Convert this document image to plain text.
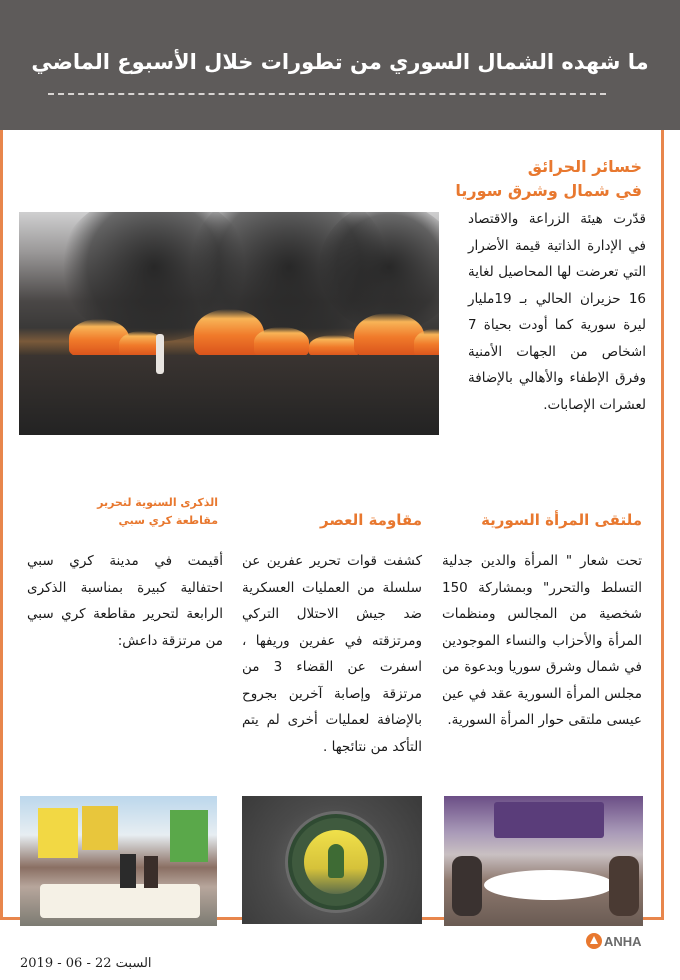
ما شهده الشمال السوري من تطورات خلال الأسبوع الماضي
خسائر الحرائق
في شمال وشرق سوريا
قدّرت هيئة الزراعة والاقتصاد في الإدارة الذاتية قيمة الأضرار التي تعرضت لها المحاصيل لغاية 16 حزيران الحالي بـ 19مليار ليرة سورية كما أودت بحياة 7 اشخاص من الجهات الأمنية وفرق الإطفاء والأهالي بالإضافة لعشرات الإصابات.
ملتقى المرأة السورية
مقاومة العصر
الذكرى السنوية لتحرير
مقاطعة كري سبي
تحت شعار " المرأة والدين جدلية التسلط والتحرر" وبمشاركة 150 شخصية من المجالس ومنظمات المرأة والأحزاب والنساء الموجودين في شمال وشرق سوريا وبدعوة من مجلس المرأة السورية عقد في عين عيسى ملتقى حوار المرأة السورية.
كشفت قوات تحرير عفرين عن سلسلة من العمليات العسكرية ضد جيش الاحتلال التركي ومرتزقته في عفرين وريفها ، اسفرت عن القضاء 3 من مرتزقة وإصابة آخرين بجروح بالإضافة لعمليات أخرى لم يتم التأكد من نتائجها .
أقيمت في مدينة كري سبي احتفالية كبيرة بمناسبة الذكرى الرابعة لتحرير مقاطعة كري سبي من مرتزقة داعش:
ANHA
السبت 22 - 06 - 2019
